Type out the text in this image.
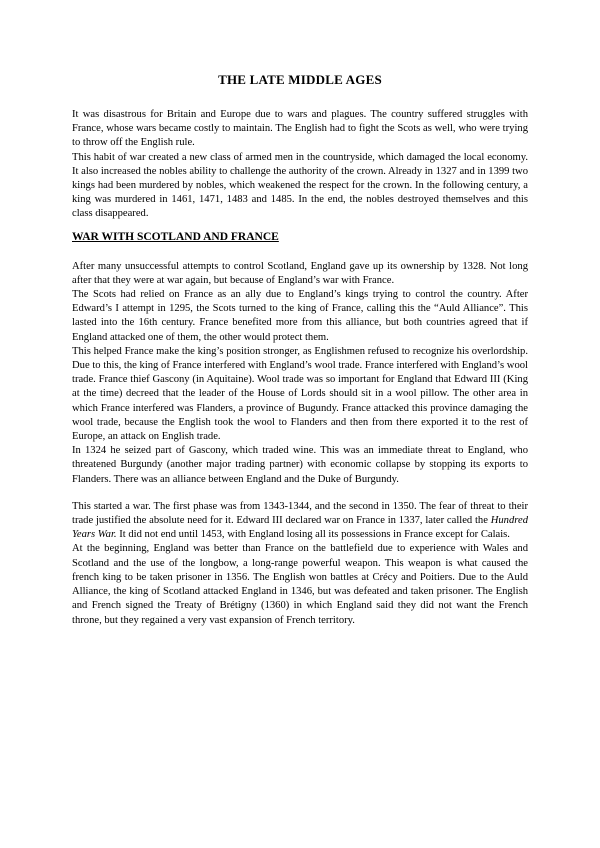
THE LATE MIDDLE AGES

It was disastrous for Britain and Europe due to wars and plagues. The country suffered struggles with France, whose wars became costly to maintain. The English had to fight the Scots as well, who were trying to throw off the English rule.

This habit of war created a new class of armed men in the countryside, which damaged the local economy. It also increased the nobles ability to challenge the authority of the crown. Already in 1327 and in 1399 two kings had been murdered by nobles, which weakened the respect for the crown. In the following century, a king was murdered in 1461, 1471, 1483 and 1485. In the end, the nobles destroyed themselves and this class disappeared.

WAR WITH SCOTLAND AND FRANCE

After many unsuccessful attempts to control Scotland, England gave up its ownership by 1328. Not long after that they were at war again, but because of England’s war with France.

The Scots had relied on France as an ally due to England’s kings trying to control the country. After Edward’s I attempt in 1295, the Scots turned to the king of France, calling this the “Auld Alliance”. This lasted into the 16th century. France benefited more from this alliance, but both countries agreed that if England attacked one of them, the other would protect them.

This helped France make the king’s position stronger, as Englishmen refused to recognize his overlordship. Due to this, the king of France interfered with England’s wool trade. France interfered with England’s wool trade. France thief Gascony (in Aquitaine). Wool trade was so important for England that Edward III (King at the time) decreed that the leader of the House of Lords should sit in a wool pillow. The other area in which France interfered was Flanders, a province of Bugundy. France attacked this province damaging the wool trade, because the English took the wool to Flanders and then from there exported it to the rest of Europe, an attack on English trade.

In 1324 he seized part of Gascony, which traded wine. This was an immediate threat to England, who threatened Burgundy (another major trading partner) with economic collapse by stopping its exports to Flanders. There was an alliance between England and the Duke of Burgundy.

This started a war. The first phase was from 1343-1344, and the second in 1350. The fear of threat to their trade justified the absolute need for it. Edward III declared war on France in 1337, later called the Hundred Years War. It did not end until 1453, with England losing all its possessions in France except for Calais.

At the beginning, England was better than France on the battlefield due to experience with Wales and Scotland and the use of the longbow, a long-range powerful weapon. This weapon is what caused the french king to be taken prisoner in 1356. The English won battles at Crécy and Poitiers. Due to the Auld Alliance, the king of Scotland attacked England in 1346, but was defeated and taken prisoner. The English and French signed the Treaty of Brétigny (1360) in which England said they did not want the French throne, but they regained a very vast expansion of French territory.
